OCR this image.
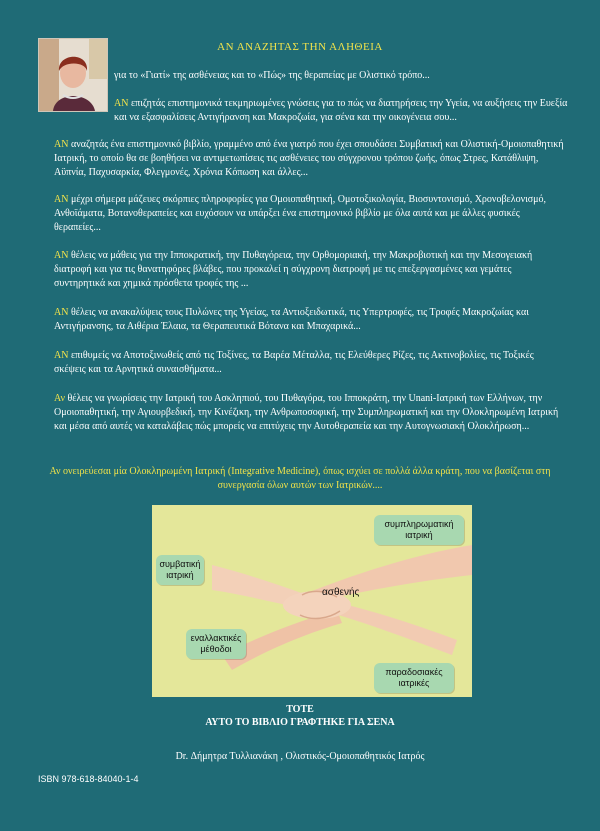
ΑΝ ΑΝΑΖΗΤΑΣ ΤΗΝ ΑΛΗΘΕΙΑ
για το «Γιατί» της ασθένειας και το «Πώς» της θεραπείας με Ολιστικό τρόπο...

ΑΝ επιζητάς επιστημονικά τεκμηριωμένες γνώσεις για το πώς να διατηρήσεις την Υγεία, να αυξήσεις την Ευεξία και να εξασφαλίσεις Αντιγήρανση και Μακροζωία, για σένα και την οικογένεια σου...

ΑΝ αναζητάς ένα επιστημονικό βιβλίο, γραμμένο από ένα γιατρό που έχει σπουδάσει Συμβατική και Ολιστική-Ομοιοπαθητική Ιατρική, το οποίο θα σε βοηθήσει να αντιμετωπίσεις τις ασθένειες του σύγχρονου τρόπου ζωής, όπως Στρες, Κατάθλιψη, Αϋπνία, Παχυσαρκία, Φλεγμονές, Χρόνια Κόπωση και άλλες...

ΑΝ μέχρι σήμερα μάζευες σκόρπιες πληροφορίες για Ομοιοπαθητική, Ομοτοξικολογία, Βιοσυντονισμό, Χρονοβελονισμό, Ανθοϊάματα, Βοτανοθεραπείες και ευχόσουν να υπάρξει ένα επιστημονικό βιβλίο με όλα αυτά και με άλλες φυσικές θεραπείες...

ΑΝ θέλεις να μάθεις για την Ιπποκρατική, την Πυθαγόρεια, την Ορθομοριακή, την Μακροβιοτική και την Μεσογειακή διατροφή και για τις θανατηφόρες βλάβες, που προκαλεί η σύγχρονη διατροφή με τις επεξεργασμένες και γεμάτες συντηρητικά και χημικά πρόσθετα τροφές της ...

ΑΝ θέλεις να ανακαλύψεις τους Πυλώνες της Υγείας, τα Αντιοξειδωτικά, τις Υπερτροφές, τις Τροφές Μακροζωίας και Αντιγήρανσης, τα Αιθέρια Έλαια, τα Θεραπευτικά Βότανα και Μπαχαρικά...

ΑΝ επιθυμείς να Αποτοξινωθείς από τις Τοξίνες, τα Βαρέα Μέταλλα, τις Ελεύθερες Ρίζες, τις Ακτινοβολίες, τις Τοξικές σκέψεις και τα Αρνητικά συναισθήματα...

Αν θέλεις να γνωρίσεις την Ιατρική του Ασκληπιού, του Πυθαγόρα, του Ιπποκράτη, την Unani-Ιατρική των Ελλήνων, την Ομοιοπαθητική, την Αγιουρβεδική, την Κινέζικη, την Ανθρωποσοφική, την Συμπληρωματική και την Ολοκληρωμένη Ιατρική και μέσα από αυτές να καταλάβεις πώς μπορείς να επιτύχεις την Αυτοθεραπεία και την Αυτογνωσιακή Ολοκλήρωση...

Αν ονειρεύεσαι μία Ολοκληρωμένη Ιατρική (Integrative Medicine), όπως ισχύει σε πολλά άλλα κράτη, που να βασίζεται στη συνεργασία όλων αυτών των Ιατρικών....
συμπληρωματική ιατρική
συμβατική ιατρική
εναλλακτικές μέθοδοι
παραδοσιακές ιατρικές
ασθενής
ΤΟΤΕ
ΑΥΤΟ ΤΟ ΒΙΒΛΙΟ ΓΡΑΦΤΗΚΕ ΓΙΑ ΣΕΝΑ
Dr. Δήμητρα Τυλλιανάκη , Ολιστικός-Ομοιοπαθητικός Ιατρός
ISBN 978-618-84040-1-4
